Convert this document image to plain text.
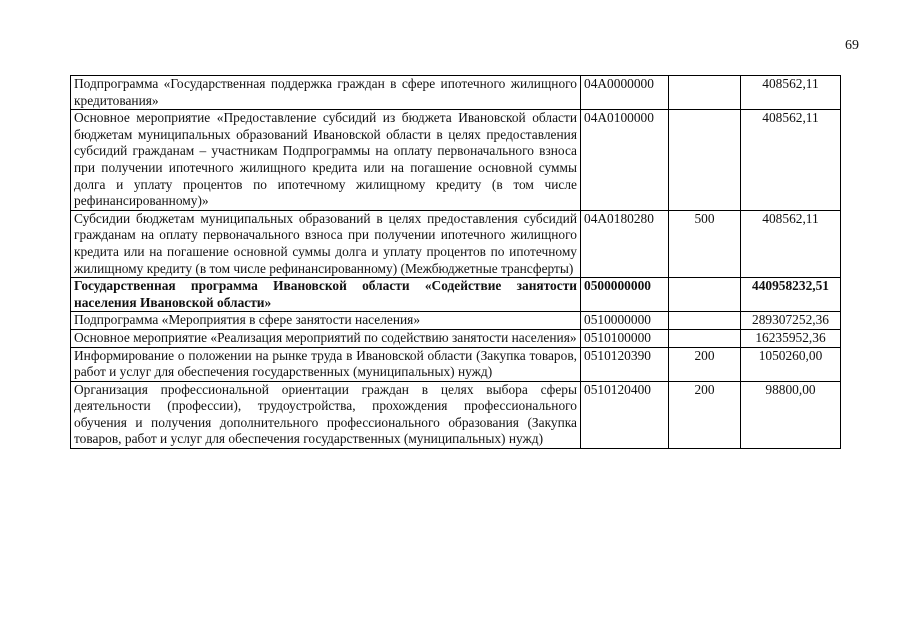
69
Подпрограмма «Государственная поддержка граждан в сфере ипотечного жилищного кредитования»	04А0000000		408562,11
Основное мероприятие «Предоставление субсидий из бюджета Ивановской области бюджетам муниципальных образований Ивановской области в целях предоставления субсидий гражданам – участникам Подпрограммы на оплату первоначального взноса при получении ипотечного жилищного кредита или на погашение основной суммы долга и уплату процентов по ипотечному жилищному кредиту (в том числе рефинансированному)»	04А0100000		408562,11
Субсидии бюджетам муниципальных образований в целях предоставления субсидий гражданам на оплату первоначального взноса при получении ипотечного жилищного кредита или на погашение основной суммы долга и уплату процентов по ипотечному жилищному кредиту (в том числе рефинансированному) (Межбюджетные трансферты)	04А0180280	500	408562,11
Государственная программа Ивановской области «Содействие занятости населения Ивановской области»	0500000000		440958232,51
Подпрограмма «Мероприятия в сфере занятости населения»	0510000000		289307252,36
Основное мероприятие «Реализация мероприятий по содействию занятости населения»	0510100000		16235952,36
Информирование о положении на рынке труда в Ивановской области (Закупка товаров, работ и услуг для обеспечения государственных (муниципальных) нужд)	0510120390	200	1050260,00
Организация профессиональной ориентации граждан в целях выбора сферы деятельности (профессии), трудоустройства, прохождения профессионального обучения и получения дополнительного профессионального образования (Закупка товаров, работ и услуг для обеспечения государственных (муниципальных) нужд)	0510120400	200	98800,00
